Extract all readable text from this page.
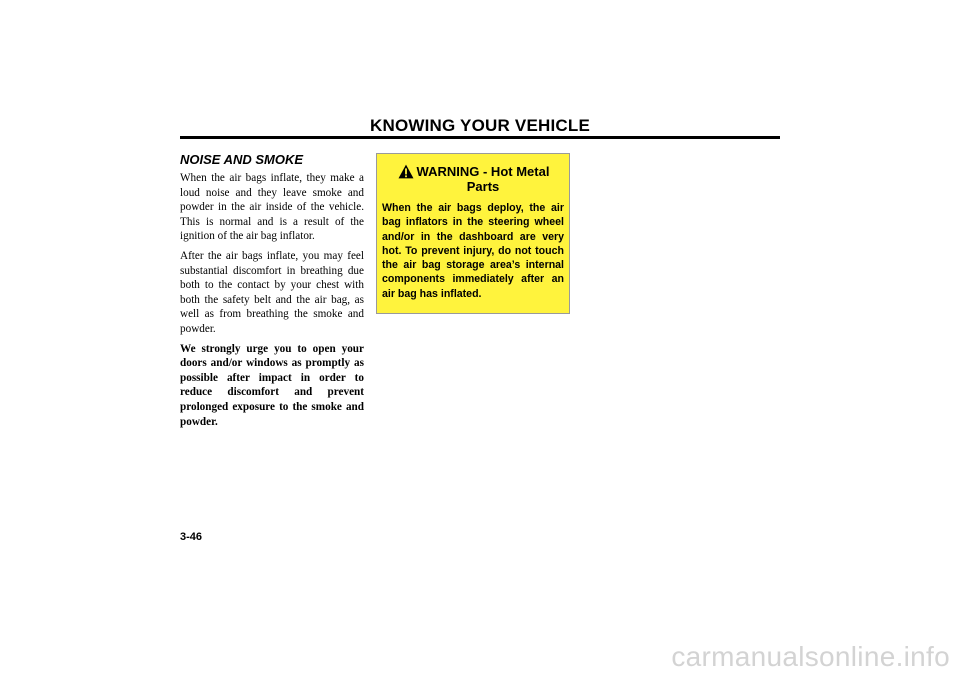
KNOWING YOUR VEHICLE
NOISE AND SMOKE

When the air bags inflate, they make a loud noise and they leave smoke and powder in the air inside of the vehicle. This is normal and is a result of the ignition of the air bag inflator.

After the air bags inflate, you may feel substantial discomfort in breathing due both to the contact by your chest with both the safety belt and the air bag, as well as from breathing the smoke and powder.

We strongly urge you to open your doors and/or windows as promptly as possible after impact in order to reduce discomfort and prevent prolonged exposure to the smoke and powder.

WARNING - Hot Metal Parts
When the air bags deploy, the air bag inflators in the steering wheel and/or in the dashboard are very hot. To prevent injury, do not touch the air bag storage area’s internal components immediately after an air bag has inflated.
3-46
carmanualsonline.info
